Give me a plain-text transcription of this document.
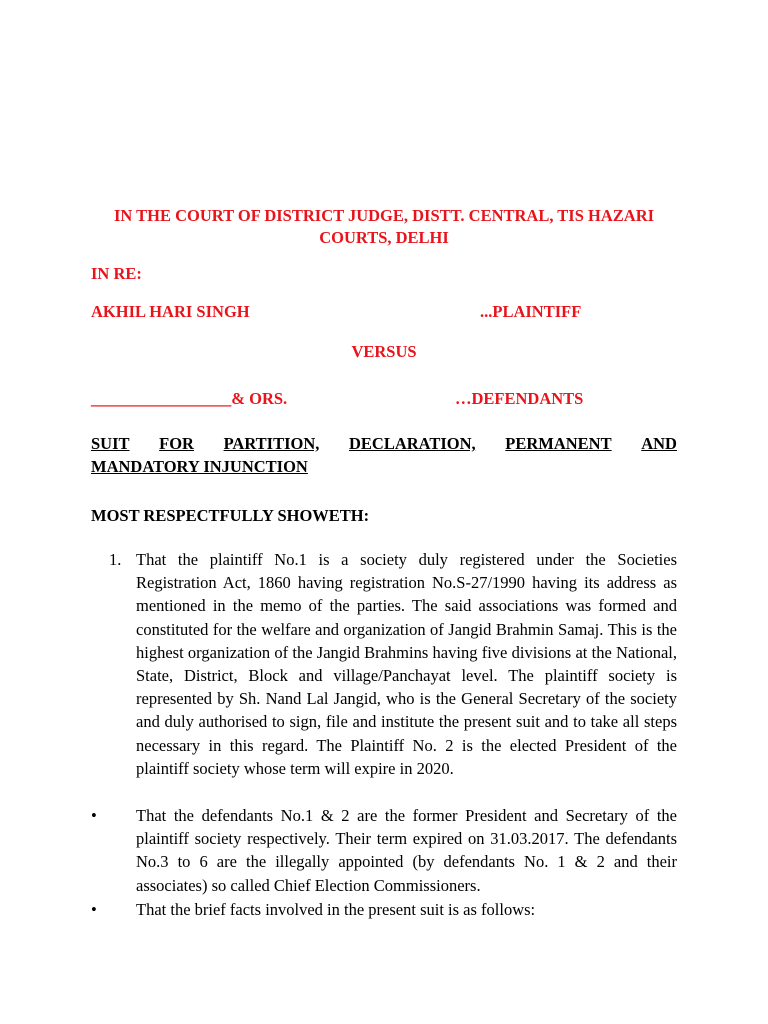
IN THE COURT OF DISTRICT JUDGE, DISTT. CENTRAL, TIS HAZARI COURTS, DELHI
IN RE:
AKHIL HARI SINGH	...PLAINTIFF
VERSUS
_________________& ORS.	…DEFENDANTS
SUIT FOR PARTITION, DECLARATION, PERMANENT AND
MANDATORY INJUNCTION
MOST RESPECTFULLY SHOWETH:
1. That the plaintiff No.1 is a society duly registered under the Societies Registration Act, 1860 having registration No.S-27/1990 having its address as mentioned in the memo of the parties. The said associations was formed and constituted for the welfare and organization of Jangid Brahmin Samaj. This is the highest organization of the Jangid Brahmins having five divisions at the National, State, District, Block and village/Panchayat level. The plaintiff society is represented by Sh. Nand Lal Jangid, who is the General Secretary of the society and duly authorised to sign, file and institute the present suit and to take all steps necessary in this regard. The Plaintiff No. 2 is the elected President of the plaintiff society whose term will expire in 2020.
•	That the defendants No.1 & 2 are the former President and Secretary of the plaintiff society respectively. Their term expired on 31.03.2017. The defendants No.3 to 6 are the illegally appointed (by defendants No. 1 & 2 and their associates) so called Chief Election Commissioners.
•	That the brief facts involved in the present suit is as follows:
